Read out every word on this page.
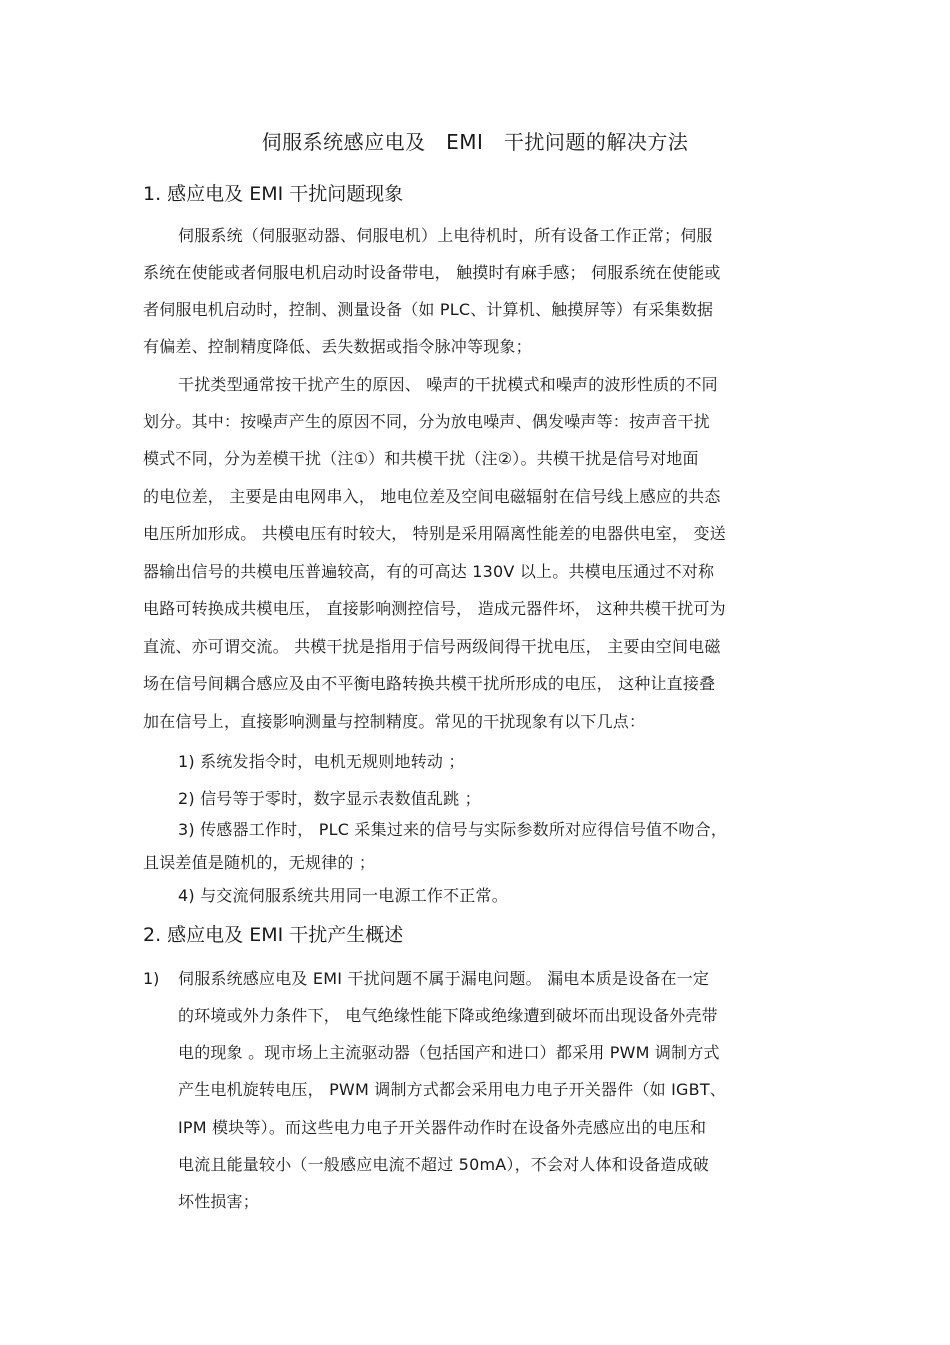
伺服系统感应电及　EMI　干扰问题的解决方法
1. 感应电及 EMI 干扰问题现象
伺服系统（伺服驱动器、伺服电机）上电待机时，所有设备工作正常；伺服
系统在使能或者伺服电机启动时设备带电， 触摸时有麻手感； 伺服系统在使能或
者伺服电机启动时，控制、测量设备（如 PLC、计算机、触摸屏等）有采集数据
有偏差、控制精度降低、丢失数据或指令脉冲等现象；
干扰类型通常按干扰产生的原因、 噪声的干扰模式和噪声的波形性质的不同
划分。其中：按噪声产生的原因不同，分为放电噪声、偶发噪声等：按声音干扰
模式不同，分为差模干扰（注①）和共模干扰（注②）。共模干扰是信号对地面
的电位差， 主要是由电网串入， 地电位差及空间电磁辐射在信号线上感应的共态
电压所加形成。 共模电压有时较大， 特别是采用隔离性能差的电器供电室， 变送
器输出信号的共模电压普遍较高，有的可高达 130V 以上。共模电压通过不对称
电路可转换成共模电压， 直接影响测控信号， 造成元器件坏， 这种共模干扰可为
直流、亦可谓交流。 共模干扰是指用于信号两级间得干扰电压， 主要由空间电磁
场在信号间耦合感应及由不平衡电路转换共模干扰所形成的电压， 这种让直接叠
加在信号上，直接影响测量与控制精度。常见的干扰现象有以下几点：
1) 系统发指令时，电机无规则地转动 ；
2) 信号等于零时，数字显示表数值乱跳 ；
3) 传感器工作时， PLC 采集过来的信号与实际参数所对应得信号值不吻合，
且误差值是随机的，无规律的 ；
4) 与交流伺服系统共用同一电源工作不正常。
2. 感应电及 EMI 干扰产生概述
1) 伺服系统感应电及 EMI 干扰问题不属于漏电问题。 漏电本质是设备在一定
的环境或外力条件下， 电气绝缘性能下降或绝缘遭到破坏而出现设备外壳带
电的现象 。现市场上主流驱动器（包括国产和进口）都采用 PWM 调制方式
产生电机旋转电压， PWM 调制方式都会采用电力电子开关器件（如 IGBT、
IPM 模块等）。而这些电力电子开关器件动作时在设备外壳感应出的电压和
电流且能量较小（一般感应电流不超过 50mA），不会对人体和设备造成破
坏性损害；
